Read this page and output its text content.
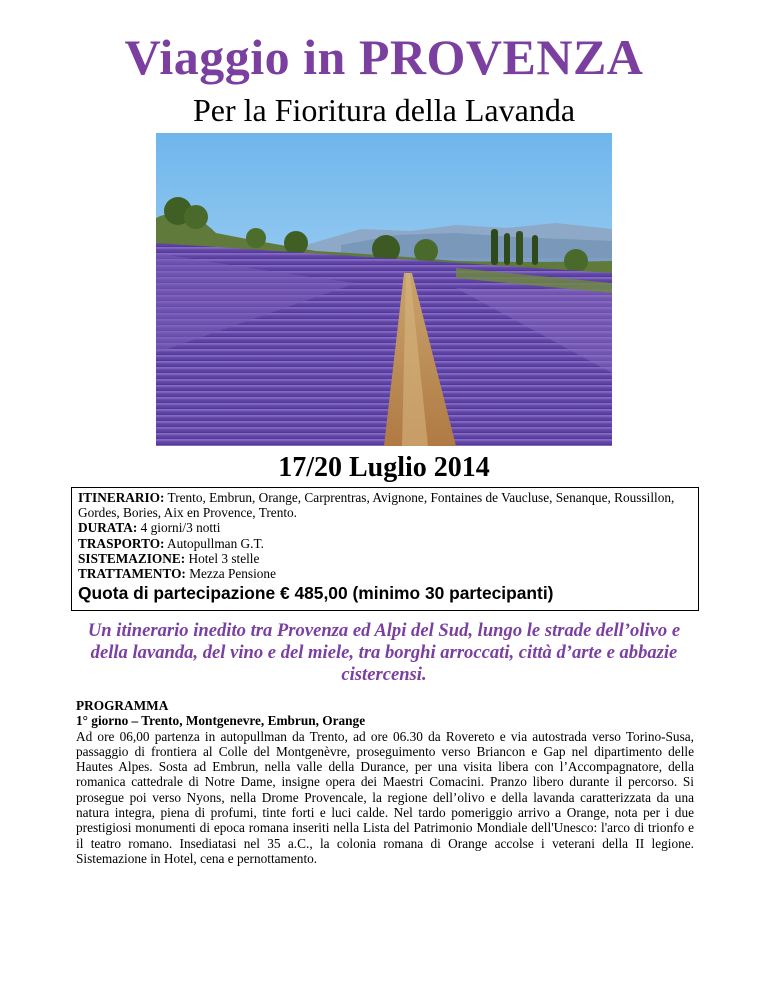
Viaggio in PROVENZA
Per la Fioritura della Lavanda
17/20 Luglio 2014
ITINERARIO: Trento, Embrun, Orange, Carprentras, Avignone, Fontaines de Vaucluse, Senanque, Roussillon, Gordes, Bories, Aix en Provence, Trento.
DURATA: 4 giorni/3 notti
TRASPORTO: Autopullman G.T.
SISTEMAZIONE: Hotel 3 stelle
TRATTAMENTO: Mezza Pensione
Quota di partecipazione € 485,00 (minimo 30 partecipanti)
Un itinerario inedito tra Provenza ed Alpi del Sud, lungo le strade dell’olivo e della lavanda, del vino e del miele, tra borghi arroccati, città d’arte e abbazie cistercensi.
PROGRAMMA
1° giorno – Trento, Montgenevre, Embrun, Orange
Ad ore 06,00 partenza in autopullman da Trento, ad ore 06.30 da Rovereto e via autostrada verso Torino-Susa, passaggio di frontiera al Colle del Montgenèvre, proseguimento verso Briancon e Gap nel dipartimento delle Hautes Alpes. Sosta ad Embrun, nella valle della Durance, per una visita libera con l’Accompagnatore, della romanica cattedrale di Notre Dame, insigne opera dei Maestri Comacini. Pranzo libero durante il percorso. Si prosegue poi verso Nyons, nella Drome Provencale, la regione dell’olivo e della lavanda caratterizzata da una natura integra, piena di profumi, tinte forti e luci calde. Nel tardo pomeriggio arrivo a Orange, nota per i due prestigiosi monumenti di epoca romana inseriti nella Lista del Patrimonio Mondiale dell'Unesco: l'arco di trionfo e il teatro romano. Insediatasi nel 35 a.C., la colonia romana di Orange accolse i veterani della II legione. Sistemazione in Hotel, cena e pernottamento.
